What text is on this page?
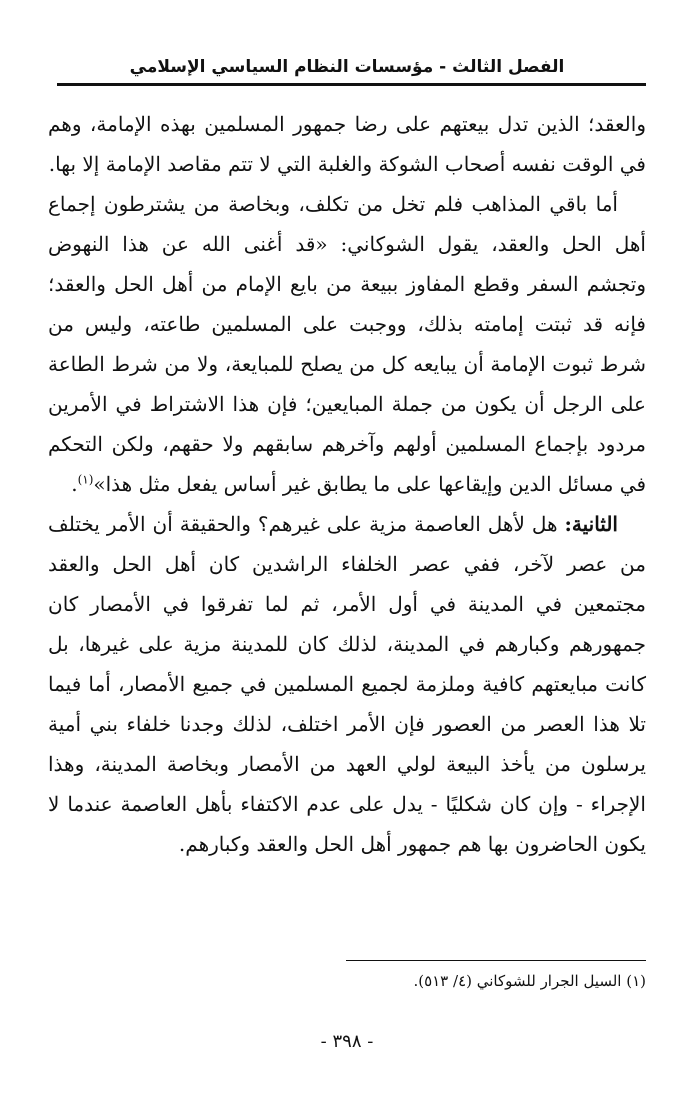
الفصل الثالث - مؤسسات النظام السياسي الإسلامي

والعقد؛ الذين تدل بيعتهم على رضا جمهور المسلمين بهذه الإمامة، وهم في الوقت نفسه أصحاب الشوكة والغلبة التي لا تتم مقاصد الإمامة إلا بها.

أما باقي المذاهب فلم تخل من تكلف، وبخاصة من يشترطون إجماع أهل الحل والعقد، يقول الشوكاني: «قد أغنى الله عن هذا النهوض وتجشم السفر وقطع المفاوز ببيعة من بايع الإمام من أهل الحل والعقد؛ فإنه قد ثبتت إمامته بذلك، ووجبت على المسلمين طاعته، وليس من شرط ثبوت الإمامة أن يبايعه كل من يصلح للمبايعة، ولا من شرط الطاعة على الرجل أن يكون من جملة المبايعين؛ فإن هذا الاشتراط في الأمرين مردود بإجماع المسلمين أولهم وآخرهم سابقهم ولا حقهم، ولكن التحكم في مسائل الدين وإيقاعها على ما يطابق غير أساس يفعل مثل هذا»$^{(١)}$.

الثانية: هل لأهل العاصمة مزية على غيرهم؟ والحقيقة أن الأمر يختلف من عصر لآخر، ففي عصر الخلفاء الراشدين كان أهل الحل والعقد مجتمعين في المدينة في أول الأمر، ثم لما تفرقوا في الأمصار كان جمهورهم وكبارهم في المدينة، لذلك كان للمدينة مزية على غيرها، بل كانت مبايعتهم كافية وملزمة لجميع المسلمين في جميع الأمصار، أما فيما تلا هذا العصر من العصور فإن الأمر اختلف، لذلك وجدنا خلفاء بني أمية يرسلون من يأخذ البيعة لولي العهد من الأمصار وبخاصة المدينة، وهذا الإجراء - وإن كان شكليًا - يدل على عدم الاكتفاء بأهل العاصمة عندما لا يكون الحاضرون بها هم جمهور أهل الحل والعقد وكبارهم.

(١) السيل الجرار للشوكاني (٤/ ٥١٣).
- ٣٩٨ -
